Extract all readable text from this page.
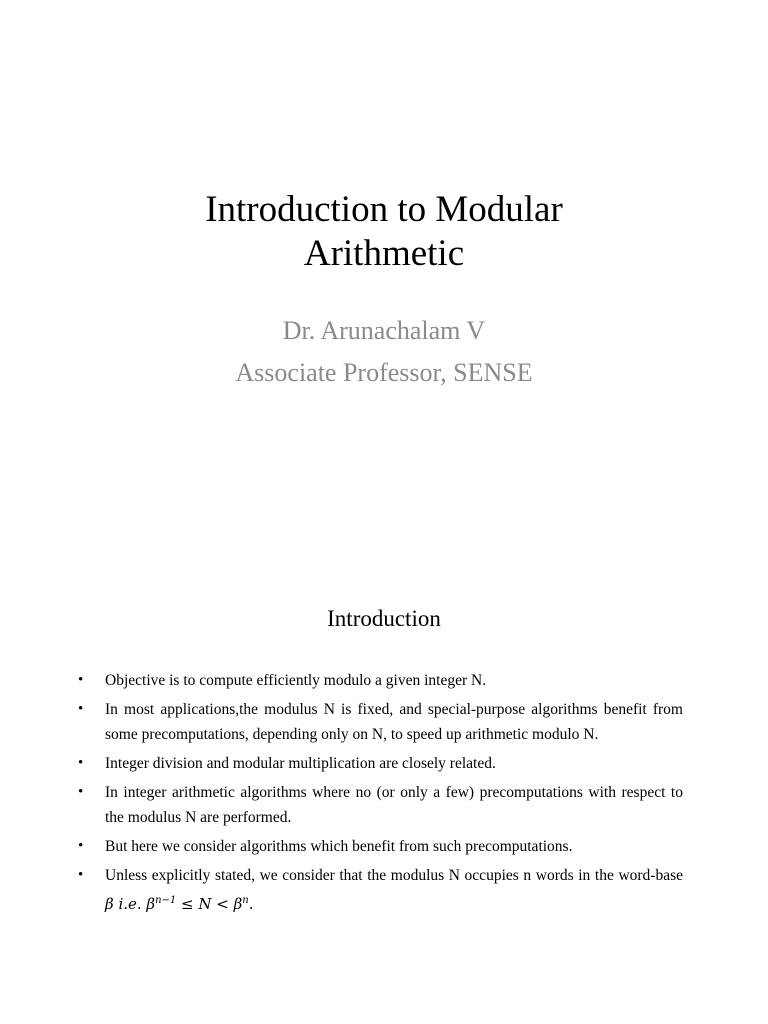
Introduction to Modular
Arithmetic
Dr. Arunachalam V
Associate Professor, SENSE
Introduction
• Objective is to compute efficiently modulo a given integer N.
• In most applications,the modulus N is fixed, and special-purpose algorithms benefit from some precomputations, depending only on N, to speed up arithmetic modulo N.
• Integer division and modular multiplication are closely related.
• In integer arithmetic algorithms where no (or only a few) precomputations with respect to the modulus N are performed.
• But here we consider algorithms which benefit from such precomputations.
• Unless explicitly stated, we consider that the modulus N occupies n words in the word-base β i.e. $\beta^{n-1} \le N < \beta^n$.
